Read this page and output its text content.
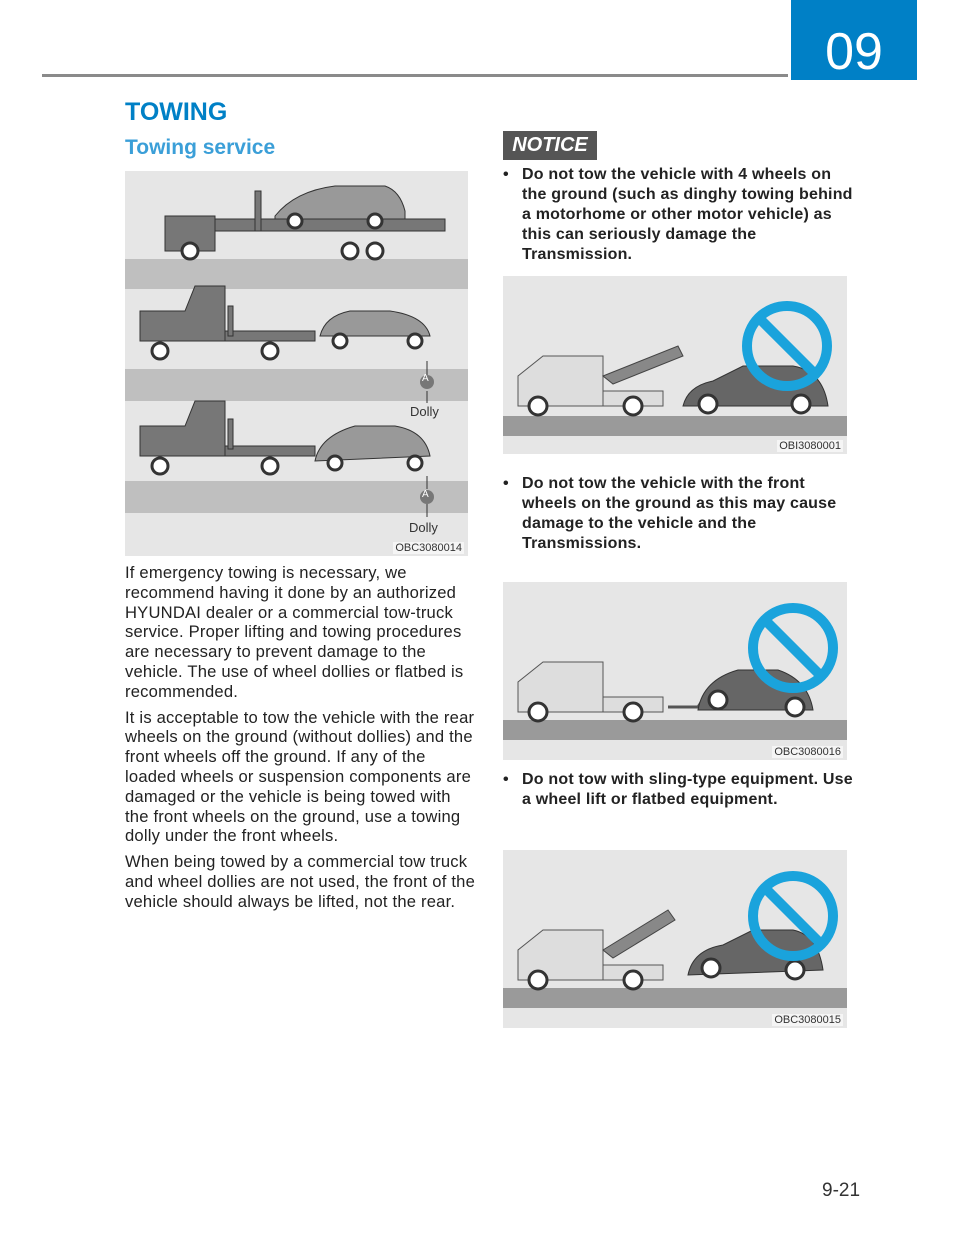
09
TOWING
Towing service
A
Dolly
A
Dolly
OBC3080014

If emergency towing is necessary, we recommend having it done by an authorized HYUNDAI dealer or a commercial tow-truck service. Proper lifting and towing procedures are necessary to prevent damage to the vehicle. The use of wheel dollies or flatbed is recommended.

It is acceptable to tow the vehicle with the rear wheels on the ground (without dollies) and the front wheels off the ground. If any of the loaded wheels or suspension components are damaged or the vehicle is being towed with the front wheels on the ground, use a towing dolly under the front wheels.

When being towed by a commercial tow truck and wheel dollies are not used, the front of the vehicle should always be lifted, not the rear.

NOTICE
• Do not tow the vehicle with 4 wheels on the ground (such as dinghy towing behind a motorhome or other motor vehicle) as this can seriously damage the Transmission.
• Do not tow the vehicle with the front wheels on the ground as this may cause damage to the vehicle and the Transmissions.
• Do not tow with sling-type equipment. Use a wheel lift or flatbed equipment.
OBI3080001
OBC3080016
OBC3080015
9-21
